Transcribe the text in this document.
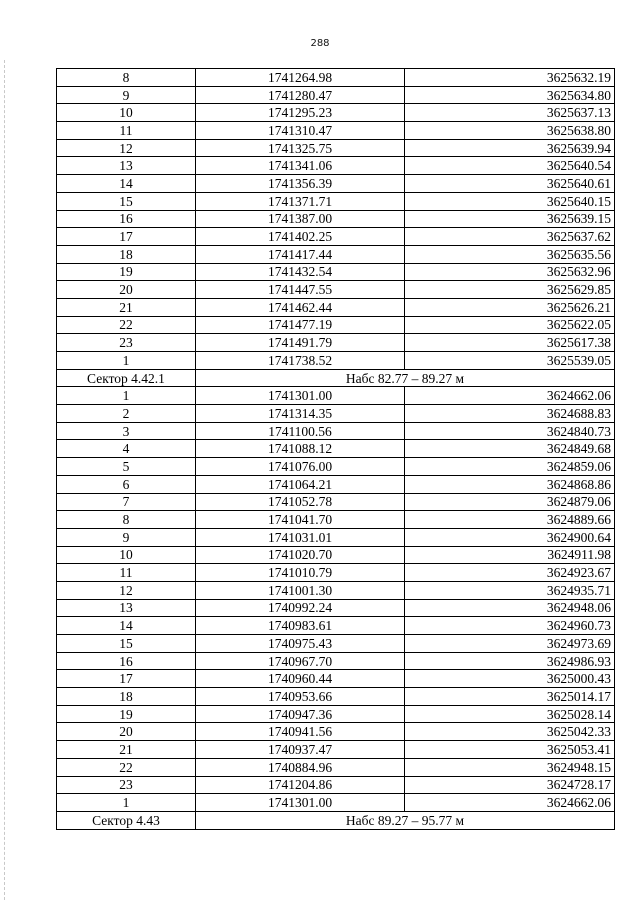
288
8	1741264.98	3625632.19
9	1741280.47	3625634.80
10	1741295.23	3625637.13
11	1741310.47	3625638.80
12	1741325.75	3625639.94
13	1741341.06	3625640.54
14	1741356.39	3625640.61
15	1741371.71	3625640.15
16	1741387.00	3625639.15
17	1741402.25	3625637.62
18	1741417.44	3625635.56
19	1741432.54	3625632.96
20	1741447.55	3625629.85
21	1741462.44	3625626.21
22	1741477.19	3625622.05
23	1741491.79	3625617.38
1	1741738.52	3625539.05
Сектор 4.42.1	Набс 82.77 – 89.27 м	
1	1741301.00	3624662.06
2	1741314.35	3624688.83
3	1741100.56	3624840.73
4	1741088.12	3624849.68
5	1741076.00	3624859.06
6	1741064.21	3624868.86
7	1741052.78	3624879.06
8	1741041.70	3624889.66
9	1741031.01	3624900.64
10	1741020.70	3624911.98
11	1741010.79	3624923.67
12	1741001.30	3624935.71
13	1740992.24	3624948.06
14	1740983.61	3624960.73
15	1740975.43	3624973.69
16	1740967.70	3624986.93
17	1740960.44	3625000.43
18	1740953.66	3625014.17
19	1740947.36	3625028.14
20	1740941.56	3625042.33
21	1740937.47	3625053.41
22	1740884.96	3624948.15
23	1741204.86	3624728.17
1	1741301.00	3624662.06
Сектор 4.43	Набс 89.27 – 95.77 м	
